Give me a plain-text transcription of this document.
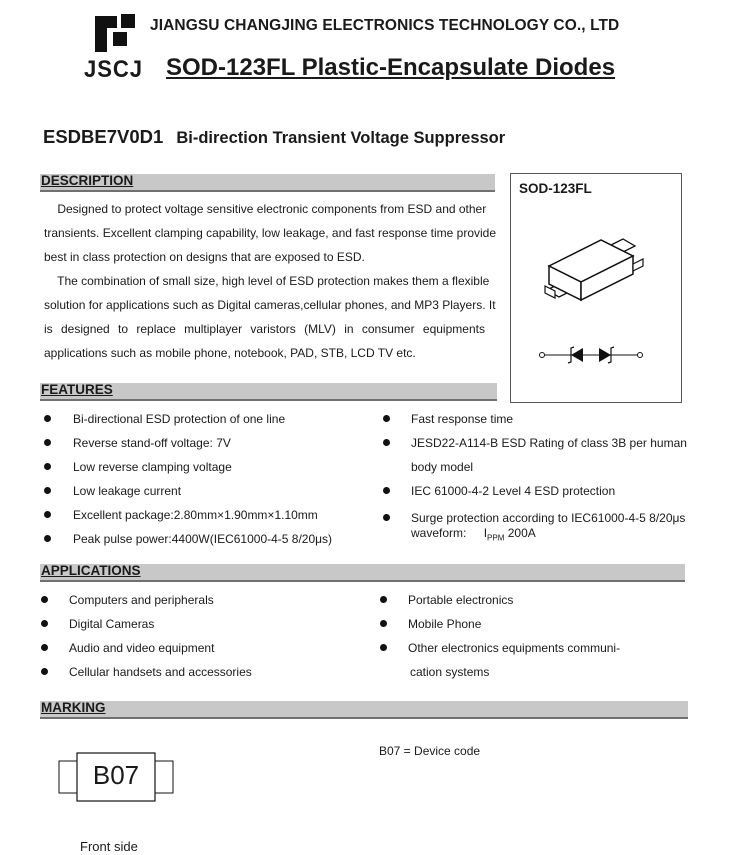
JIANGSU CHANGJING ELECTRONICS TECHNOLOGY CO., LTD
JSCJ SOD-123FL Plastic-Encapsulate Diodes
ESDBE7V0D1 Bi-direction Transient Voltage Suppressor
DESCRIPTION
Designed to protect voltage sensitive electronic components from ESD and other
transients. Excellent clamping capability, low leakage, and fast response time provide
best in class protection on designs that are exposed to ESD.
The combination of small size, high level of ESD protection makes them a flexible
solution for applications such as Digital cameras,cellular phones, and MP3 Players. It
is designed to replace multiplayer varistors (MLV) in consumer equipments
applications such as mobile phone, notebook, PAD, STB, LCD TV etc.
SOD-123FL
FEATURES
Bi-directional ESD protection of one line
Reverse stand-off voltage: 7V
Low reverse clamping voltage
Low leakage current
Excellent package:2.80mm×1.90mm×1.10mm
Peak pulse power:4400W(IEC61000-4-5 8/20μs)
Fast response time
JESD22-A114-B ESD Rating of class 3B per human
body model
IEC 61000-4-2 Level 4 ESD protection
Surge protection according to IEC61000-4-5 8/20μs
waveform: $I_{PPM}$ 200A
APPLICATIONS
Computers and peripherals
Digital Cameras
Audio and video equipment
Cellular handsets and accessories
Portable electronics
Mobile Phone
Other electronics equipments communi-
cation systems
MARKING
B07
Front side
B07 = Device code
